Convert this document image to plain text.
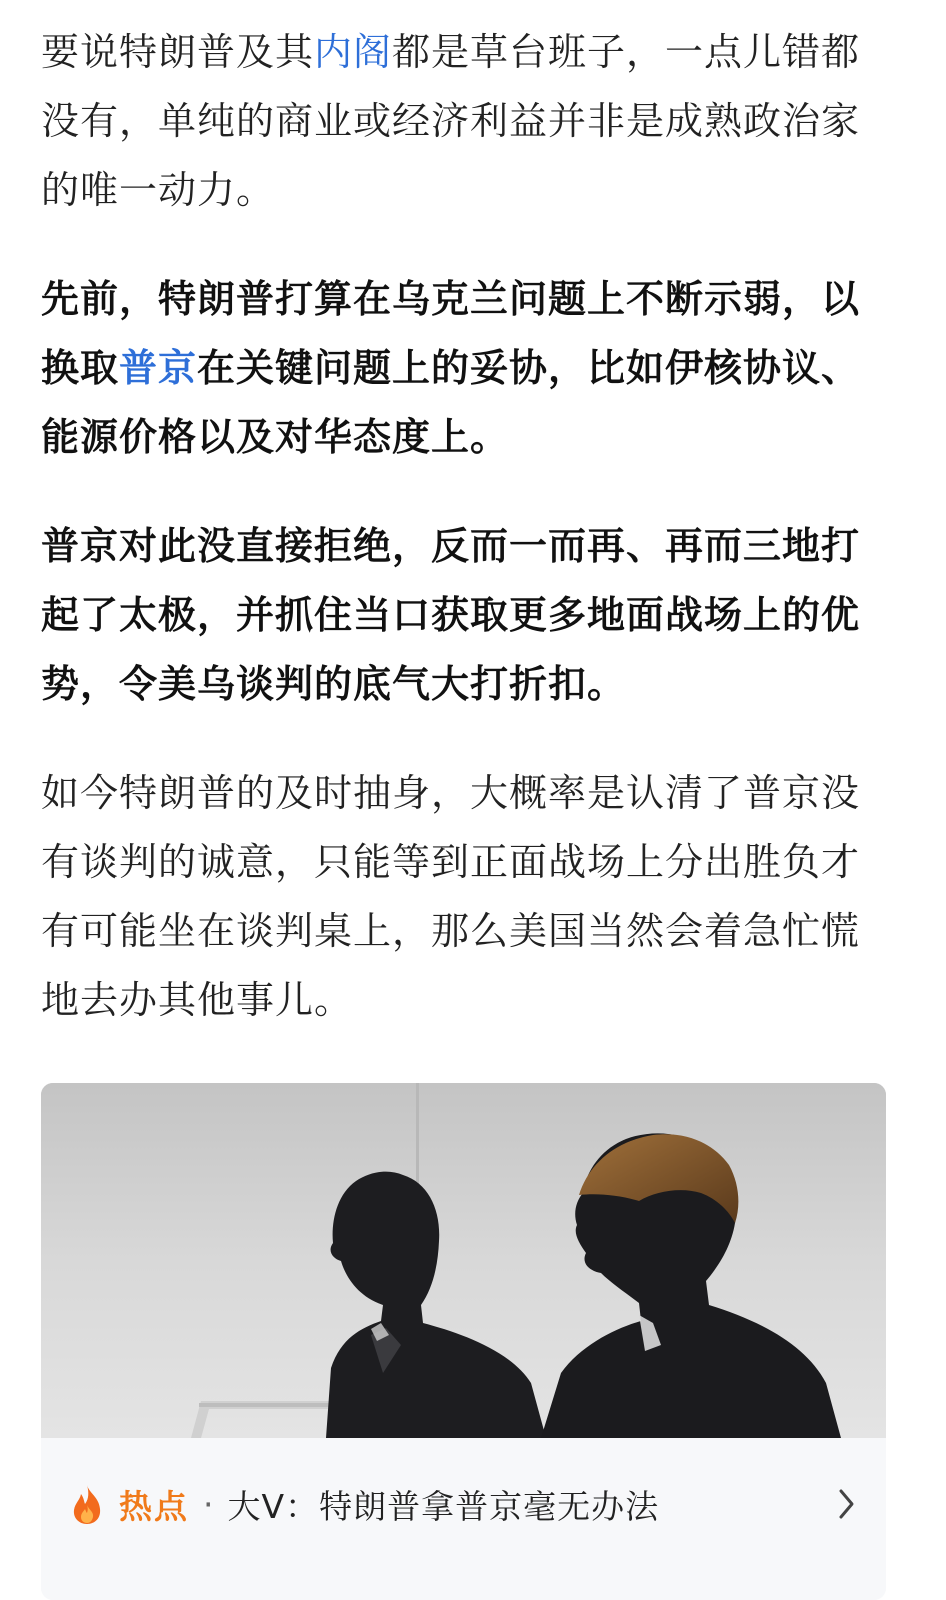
要说特朗普及其内阁都是草台班子，一点儿错都没有，单纯的商业或经济利益并非是成熟政治家的唯一动力。

先前，特朗普打算在乌克兰问题上不断示弱，以换取普京在关键问题上的妥协，比如伊核协议、能源价格以及对华态度上。

普京对此没直接拒绝，反而一而再、再而三地打起了太极，并抓住当口获取更多地面战场上的优势，令美乌谈判的底气大打折扣。

如今特朗普的及时抽身，大概率是认清了普京没有谈判的诚意，只能等到正面战场上分出胜负才有可能坐在谈判桌上，那么美国当然会着急忙慌地去办其他事儿。

热点 · 大V：特朗普拿普京毫无办法
